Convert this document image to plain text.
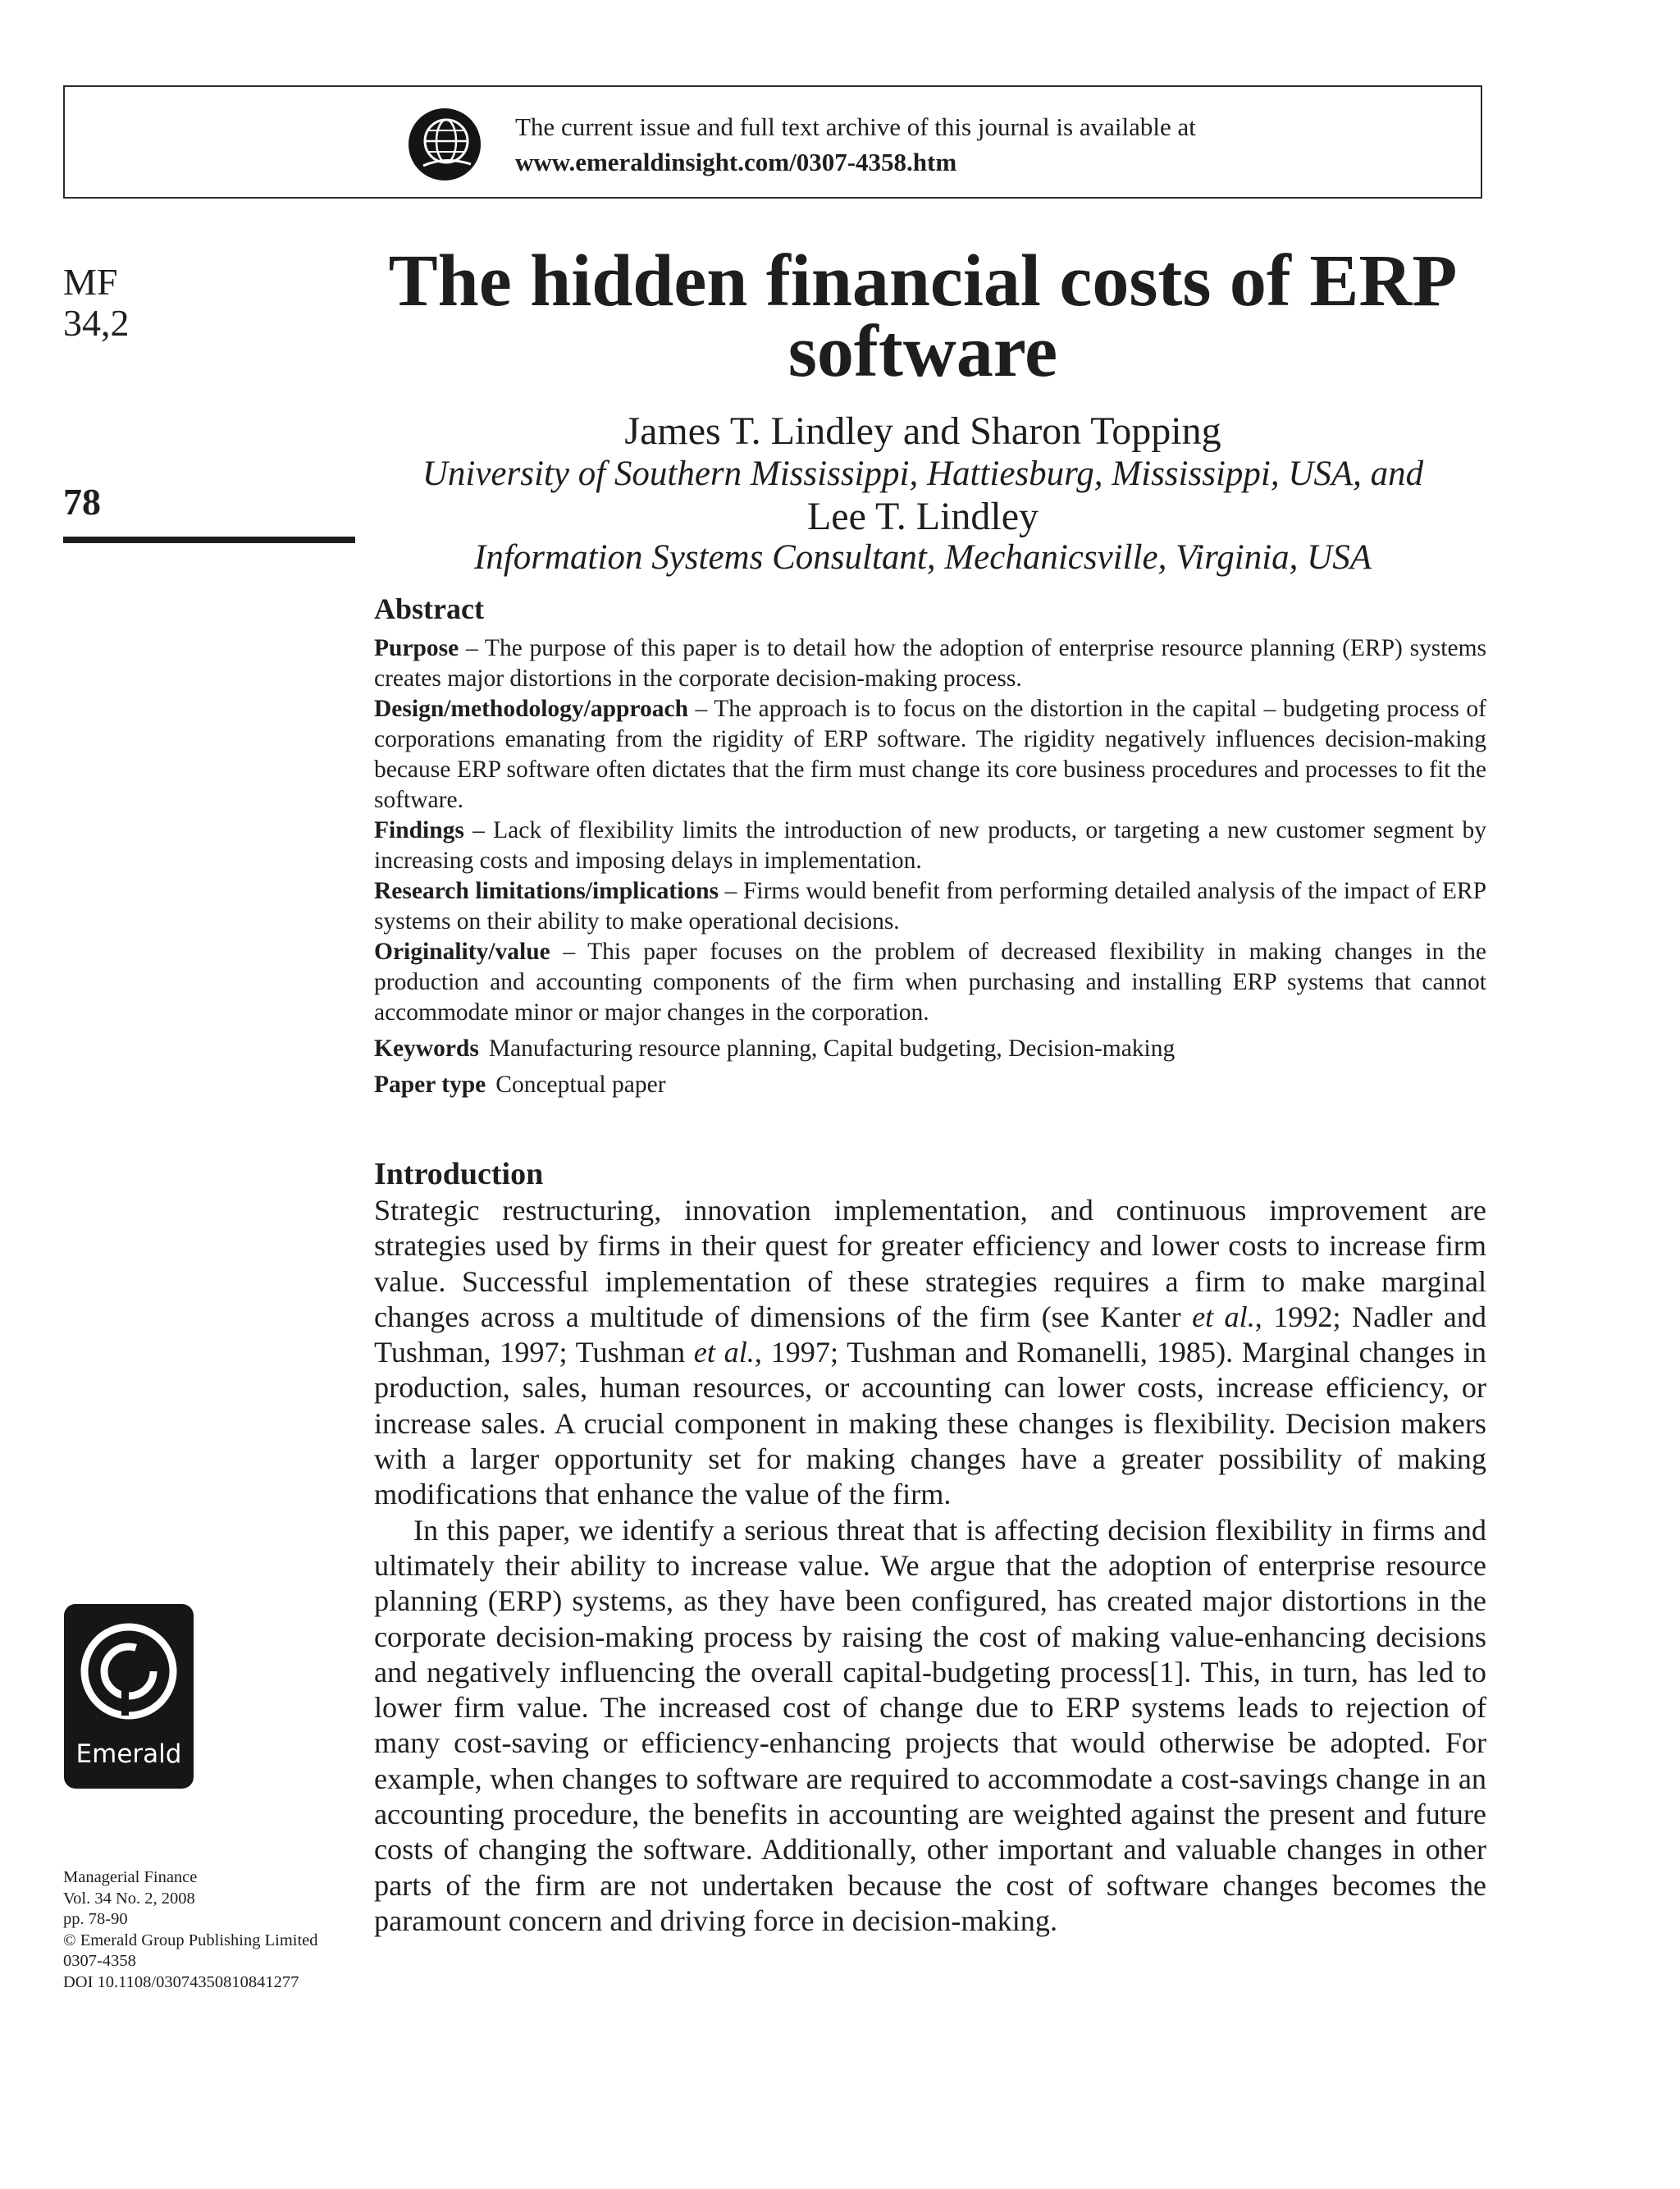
The current issue and full text archive of this journal is available at
www.emeraldinsight.com/0307-4358.htm
MF
34,2
78
The hidden financial costs of ERP software
James T. Lindley and Sharon Topping
University of Southern Mississippi, Hattiesburg, Mississippi, USA, and
Lee T. Lindley
Information Systems Consultant, Mechanicsville, Virginia, USA
Abstract

Purpose – The purpose of this paper is to detail how the adoption of enterprise resource planning (ERP) systems creates major distortions in the corporate decision-making process.

Design/methodology/approach – The approach is to focus on the distortion in the capital – budgeting process of corporations emanating from the rigidity of ERP software. The rigidity negatively influences decision-making because ERP software often dictates that the firm must change its core business procedures and processes to fit the software.

Findings – Lack of flexibility limits the introduction of new products, or targeting a new customer segment by increasing costs and imposing delays in implementation.

Research limitations/implications – Firms would benefit from performing detailed analysis of the impact of ERP systems on their ability to make operational decisions.

Originality/value – This paper focuses on the problem of decreased flexibility in making changes in the production and accounting components of the firm when purchasing and installing ERP systems that cannot accommodate minor or major changes in the corporation.

Keywords Manufacturing resource planning, Capital budgeting, Decision-making
Paper type Conceptual paper
Introduction

Strategic restructuring, innovation implementation, and continuous improvement are strategies used by firms in their quest for greater efficiency and lower costs to increase firm value. Successful implementation of these strategies requires a firm to make marginal changes across a multitude of dimensions of the firm (see Kanter et al., 1992; Nadler and Tushman, 1997; Tushman et al., 1997; Tushman and Romanelli, 1985). Marginal changes in production, sales, human resources, or accounting can lower costs, increase efficiency, or increase sales. A crucial component in making these changes is flexibility. Decision makers with a larger opportunity set for making changes have a greater possibility of making modifications that enhance the value of the firm.

In this paper, we identify a serious threat that is affecting decision flexibility in firms and ultimately their ability to increase value. We argue that the adoption of enterprise resource planning (ERP) systems, as they have been configured, has created major distortions in the corporate decision-making process by raising the cost of making value-enhancing decisions and negatively influencing the overall capital-budgeting process[1]. This, in turn, has led to lower firm value. The increased cost of change due to ERP systems leads to rejection of many cost-saving or efficiency-enhancing projects that would otherwise be adopted. For example, when changes to software are required to accommodate a cost-savings change in an accounting procedure, the benefits in accounting are weighted against the present and future costs of changing the software. Additionally, other important and valuable changes in other parts of the firm are not undertaken because the cost of software changes becomes the paramount concern and driving force in decision-making.

Emerald
Managerial Finance
Vol. 34 No. 2, 2008
pp. 78-90
© Emerald Group Publishing Limited
0307-4358
DOI 10.1108/03074350810841277
